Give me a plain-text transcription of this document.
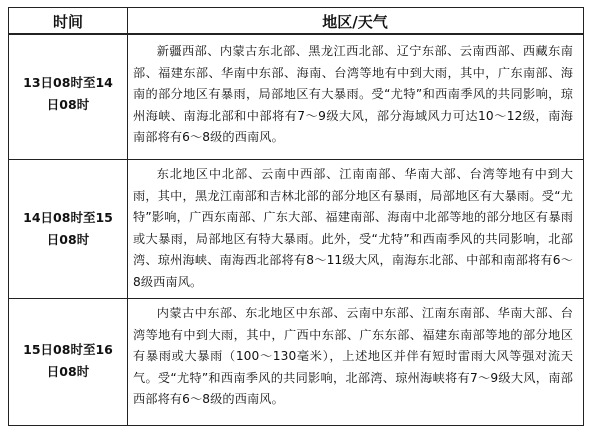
时间	地区/天气
13日08时至14
日08时
新疆西部、内蒙古东北部、黑龙江西北部、辽宁东部、云南西部、西藏东南部、福建东部、华南中东部、海南、台湾等地有中到大雨，其中，广东南部、海南的部分地区有暴雨，局部地区有大暴雨。受“尤特”和西南季风的共同影响，琼州海峡、南海北部和中部将有7～9级大风，部分海域风力可达10～12级，南海南部将有6～8级的西南风。
14日08时至15
日08时
东北地区中北部、云南中西部、江南南部、华南大部、台湾等地有中到大雨，其中，黑龙江南部和吉林北部的部分地区有暴雨，局部地区有大暴雨。受“尤特”影响，广西东南部、广东大部、福建南部、海南中北部等地的部分地区有暴雨或大暴雨，局部地区有特大暴雨。此外，受“尤特”和西南季风的共同影响，北部湾、琼州海峡、南海西北部将有8～11级大风，南海东北部、中部和南部将有6～8级西南风。
15日08时至16
日08时
内蒙古中东部、东北地区中东部、云南中东部、江南东南部、华南大部、台湾等地有中到大雨，其中，广西中东部、广东东部、福建东南部等地的部分地区有暴雨或大暴雨（100～130毫米），上述地区并伴有短时雷雨大风等强对流天气。受“尤特”和西南季风的共同影响，北部湾、琼州海峡将有7～9级大风，南部西部将有6～8级的西南风。
